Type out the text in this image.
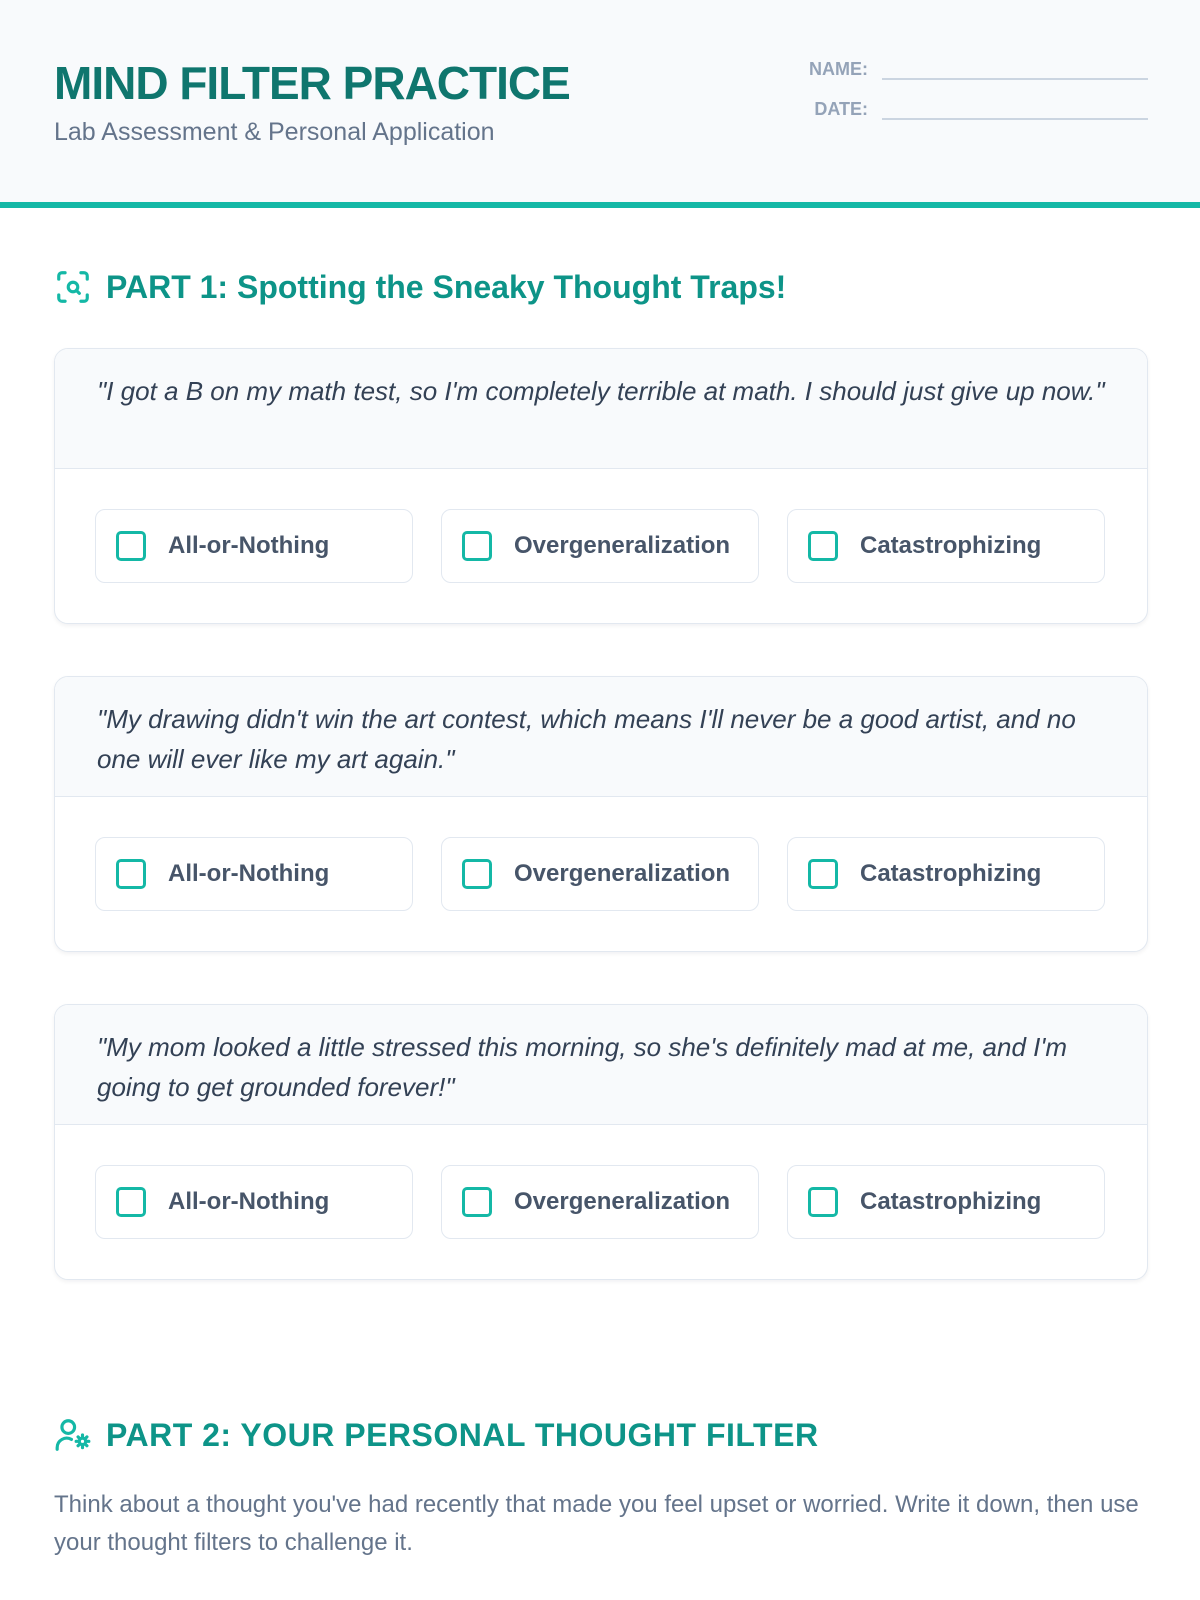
MIND FILTER PRACTICE
Lab Assessment & Personal Application
NAME:
DATE:
PART 1: Spotting the Sneaky Thought Traps!
"I got a B on my math test, so I'm completely terrible at math. I should just give up now."
All-or-Nothing	Overgeneralization	Catastrophizing
"My drawing didn't win the art contest, which means I'll never be a good artist, and no one will ever like my art again."
All-or-Nothing	Overgeneralization	Catastrophizing
"My mom looked a little stressed this morning, so she's definitely mad at me, and I'm going to get grounded forever!"
All-or-Nothing	Overgeneralization	Catastrophizing
PART 2: YOUR PERSONAL THOUGHT FILTER
Think about a thought you've had recently that made you feel upset or worried. Write it down, then use your thought filters to challenge it.
